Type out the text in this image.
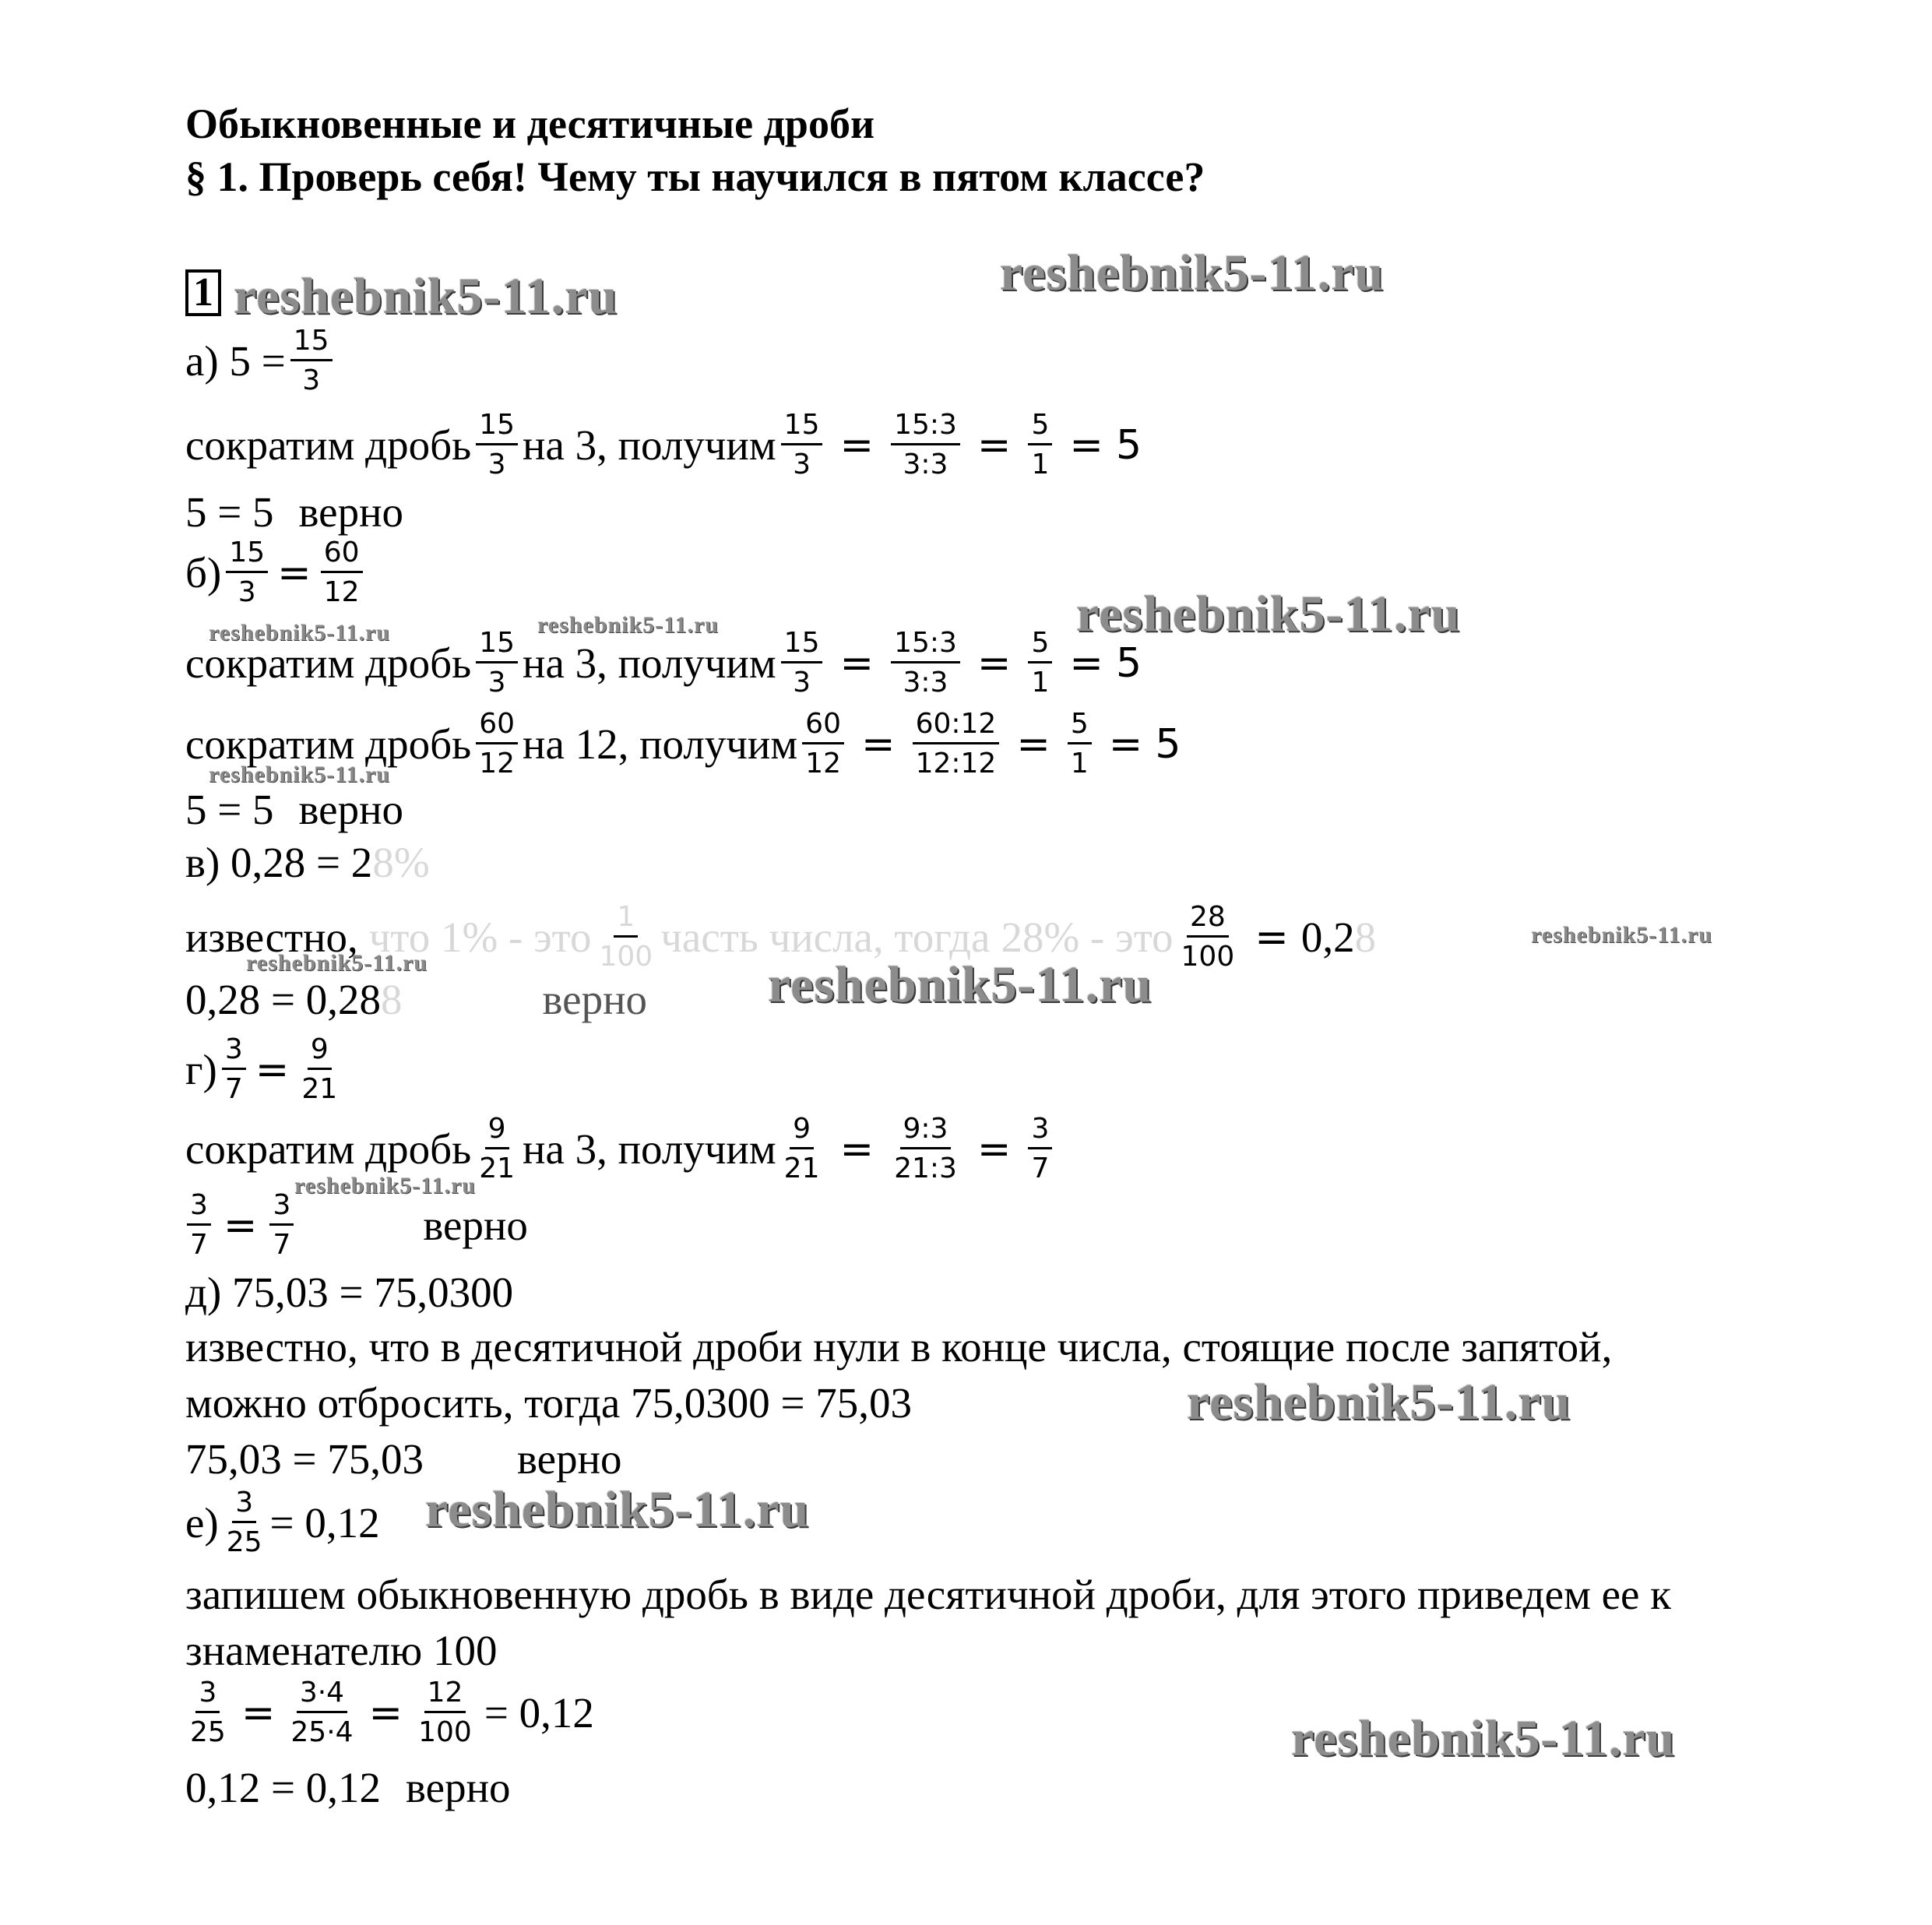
Обыкновенные и десятичные дроби
§ 1. Проверь себя! Чему ты научился в пятом классе?
1
а) $5 = \frac{15}{3}$
сократим дробь $\frac{15}{3}$ на 3, получим $\frac{15}{3} = \frac{15:3}{3:3} = \frac{5}{1} = 5$
5 = 5 верно
$б) \frac{15}{3} = \frac{60}{12}$
сократим дробь $\frac{15}{3}$ на 3, получим $\frac{15}{3} = \frac{15:3}{3:3} = \frac{5}{1} = 5$
сократим дробь $\frac{60}{12}$ на 12, получим $\frac{60}{12} = \frac{60:12}{12:12} = \frac{5}{1} = 5$
5 = 5 верно
в) 0,28 = 2 8%
известно, что 1% - это $\frac{1}{100}$ часть числа, тогда 28% - это $\frac{28}{100} = 0,2$ 8
0,28 = 0,28 8	верно
$г) \frac{3}{7} = \frac{9}{21}$
сократим дробь $\frac{9}{21}$ на 3, получим $\frac{9}{21} = \frac{9:3}{21:3} = \frac{3}{7}$
$\frac{3}{7} = \frac{3}{7}$	верно
д) 75,03 = 75,0300
известно, что в десятичной дроби нули в конце числа, стоящие после запятой,
можно отбросить, тогда 75,0300 = 75,03
75,03 = 75,03 верно
$е) \frac{3}{25} = 0,12$
запишем обыкновенную дробь в виде десятичной дроби, для этого приведем ее к
знаменателю 100
$\frac{3}{25} = \frac{3\cdot 4}{25\cdot 4} = \frac{12}{100} = 0,12$
0,12 = 0,12 верно
reshebnik5-11.ru	reshebnik5-11.ru
reshebnik5-11.ru
reshebnik5-11.ru	reshebnik5-11.ru
reshebnik5-11.ru
reshebnik5-11.ru
reshebnik5-11.ru	reshebnik5-11.ru
reshebnik5-11.ru
reshebnik5-11.ru
reshebnik5-11.ru
reshebnik5-11.ru
